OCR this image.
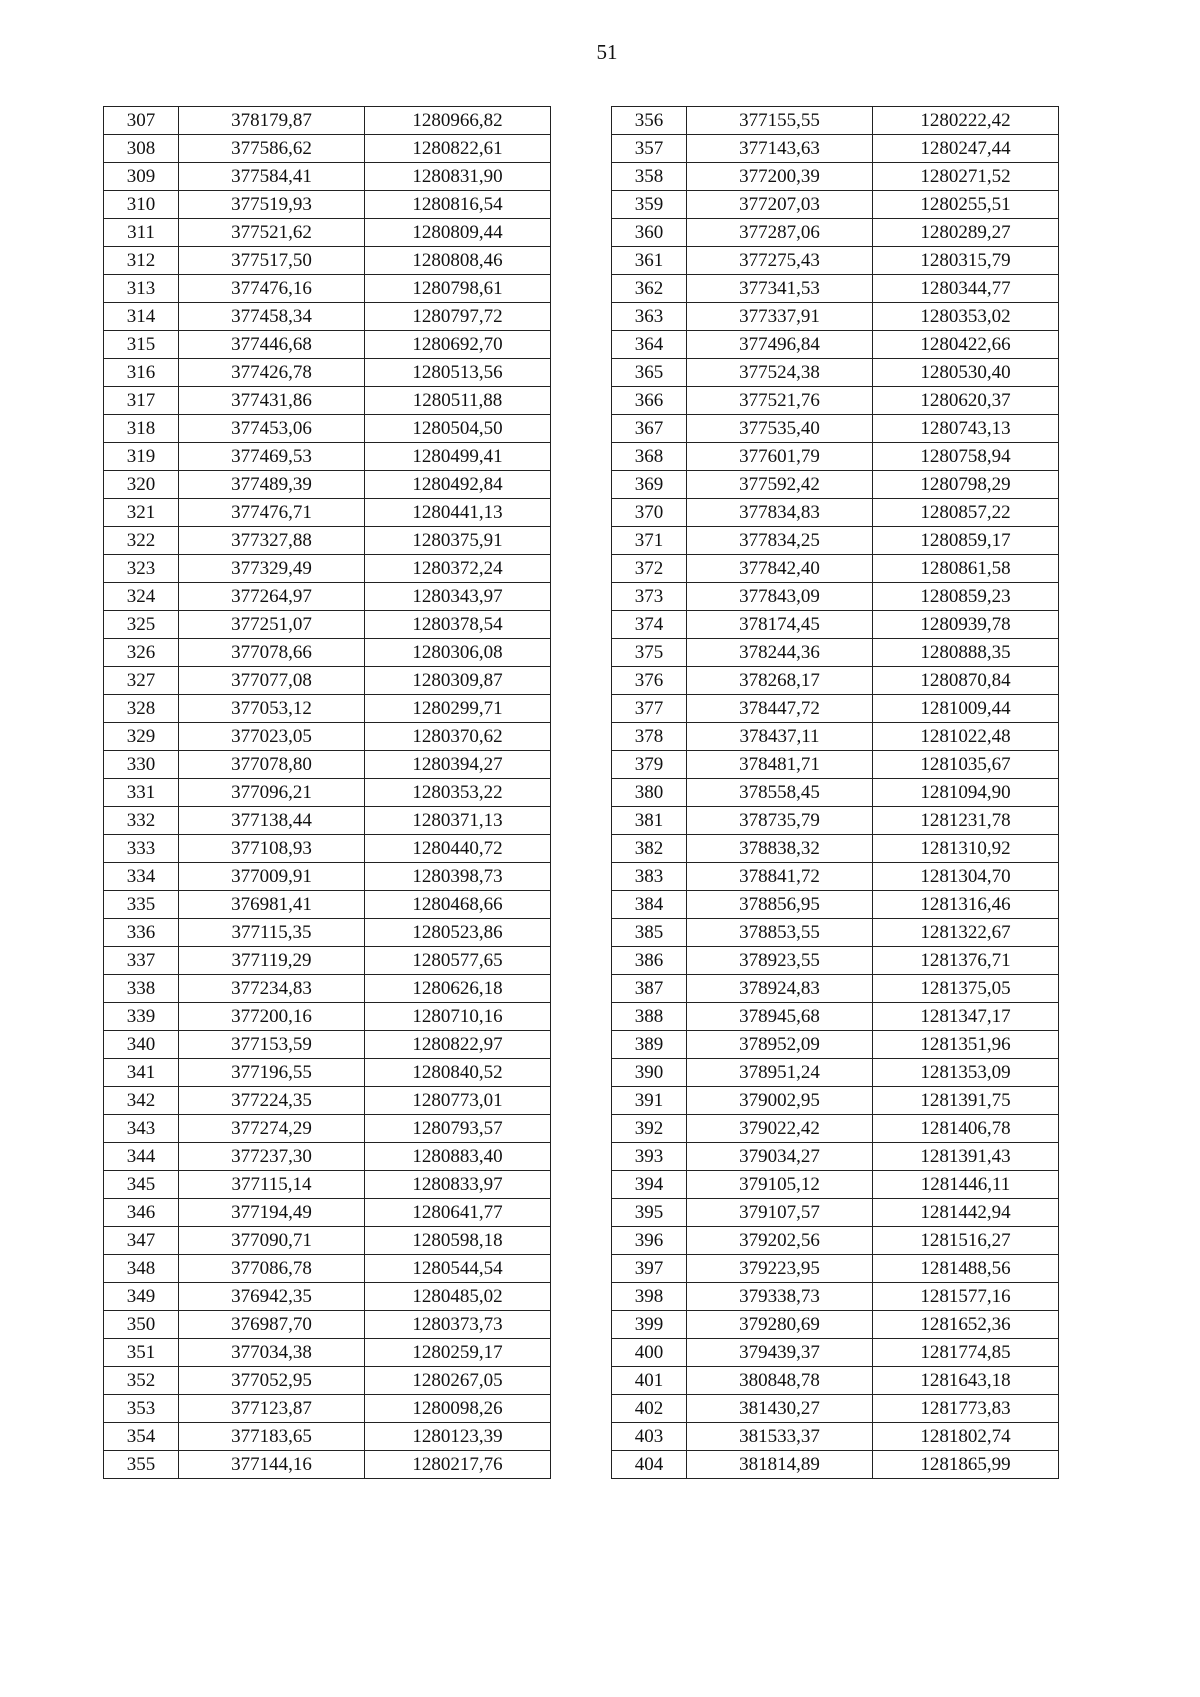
51
307	378179,87	1280966,82
308	377586,62	1280822,61
309	377584,41	1280831,90
310	377519,93	1280816,54
311	377521,62	1280809,44
312	377517,50	1280808,46
313	377476,16	1280798,61
314	377458,34	1280797,72
315	377446,68	1280692,70
316	377426,78	1280513,56
317	377431,86	1280511,88
318	377453,06	1280504,50
319	377469,53	1280499,41
320	377489,39	1280492,84
321	377476,71	1280441,13
322	377327,88	1280375,91
323	377329,49	1280372,24
324	377264,97	1280343,97
325	377251,07	1280378,54
326	377078,66	1280306,08
327	377077,08	1280309,87
328	377053,12	1280299,71
329	377023,05	1280370,62
330	377078,80	1280394,27
331	377096,21	1280353,22
332	377138,44	1280371,13
333	377108,93	1280440,72
334	377009,91	1280398,73
335	376981,41	1280468,66
336	377115,35	1280523,86
337	377119,29	1280577,65
338	377234,83	1280626,18
339	377200,16	1280710,16
340	377153,59	1280822,97
341	377196,55	1280840,52
342	377224,35	1280773,01
343	377274,29	1280793,57
344	377237,30	1280883,40
345	377115,14	1280833,97
346	377194,49	1280641,77
347	377090,71	1280598,18
348	377086,78	1280544,54
349	376942,35	1280485,02
350	376987,70	1280373,73
351	377034,38	1280259,17
352	377052,95	1280267,05
353	377123,87	1280098,26
354	377183,65	1280123,39
355	377144,16	1280217,76
356	377155,55	1280222,42
357	377143,63	1280247,44
358	377200,39	1280271,52
359	377207,03	1280255,51
360	377287,06	1280289,27
361	377275,43	1280315,79
362	377341,53	1280344,77
363	377337,91	1280353,02
364	377496,84	1280422,66
365	377524,38	1280530,40
366	377521,76	1280620,37
367	377535,40	1280743,13
368	377601,79	1280758,94
369	377592,42	1280798,29
370	377834,83	1280857,22
371	377834,25	1280859,17
372	377842,40	1280861,58
373	377843,09	1280859,23
374	378174,45	1280939,78
375	378244,36	1280888,35
376	378268,17	1280870,84
377	378447,72	1281009,44
378	378437,11	1281022,48
379	378481,71	1281035,67
380	378558,45	1281094,90
381	378735,79	1281231,78
382	378838,32	1281310,92
383	378841,72	1281304,70
384	378856,95	1281316,46
385	378853,55	1281322,67
386	378923,55	1281376,71
387	378924,83	1281375,05
388	378945,68	1281347,17
389	378952,09	1281351,96
390	378951,24	1281353,09
391	379002,95	1281391,75
392	379022,42	1281406,78
393	379034,27	1281391,43
394	379105,12	1281446,11
395	379107,57	1281442,94
396	379202,56	1281516,27
397	379223,95	1281488,56
398	379338,73	1281577,16
399	379280,69	1281652,36
400	379439,37	1281774,85
401	380848,78	1281643,18
402	381430,27	1281773,83
403	381533,37	1281802,74
404	381814,89	1281865,99
